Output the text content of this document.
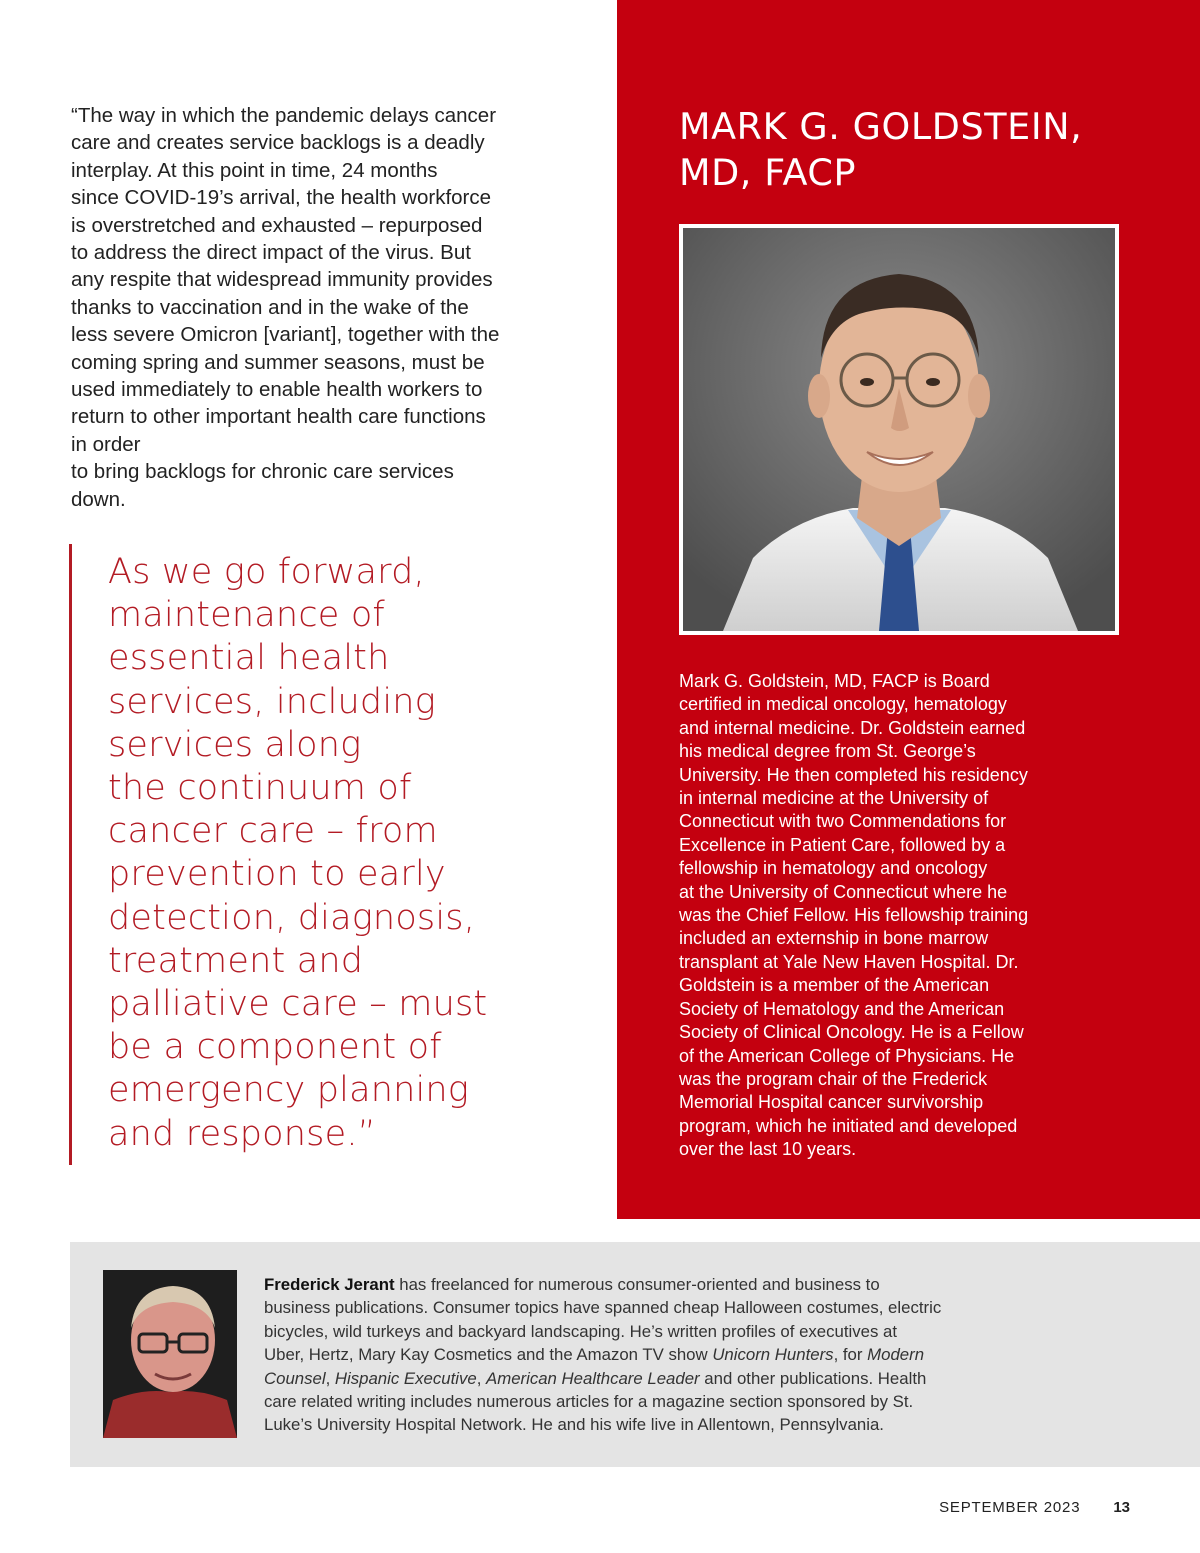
“The way in which the pandemic delays cancer
care and creates service backlogs is a deadly
interplay. At this point in time, 24 months
since COVID-19’s arrival, the health workforce
is overstretched and exhausted – repurposed
to address the direct impact of the virus. But
any respite that widespread immunity provides
thanks to vaccination and in the wake of the
less severe Omicron [variant], together with the
coming spring and summer seasons, must be
used immediately to enable health workers to
return to other important health care functions
in order
to bring backlogs for chronic care services
down.

As we go forward,
maintenance of
essential health
services, including
services along
the continuum of
cancer care – from
prevention to early
detection, diagnosis,
treatment and
palliative care – must
be a component of
emergency planning
and response.”

MARK G. GOLDSTEIN,
MD, FACP

Mark G. Goldstein, MD, FACP is Board
certified in medical oncology, hematology
and internal medicine. Dr. Goldstein earned
his medical degree from St. George’s
University. He then completed his residency
in internal medicine at the University of
Connecticut with two Commendations for
Excellence in Patient Care, followed by a
fellowship in hematology and oncology
at the University of Connecticut where he
was the Chief Fellow. His fellowship training
included an externship in bone marrow
transplant at Yale New Haven Hospital. Dr.
Goldstein is a member of the American
Society of Hematology and the American
Society of Clinical Oncology. He is a Fellow
of the American College of Physicians. He
was the program chair of the Frederick
Memorial Hospital cancer survivorship
program, which he initiated and developed
over the last 10 years.

Frederick Jerant has freelanced for numerous consumer-oriented and business to
business publications. Consumer topics have spanned cheap Halloween costumes, electric
bicycles, wild turkeys and backyard landscaping. He’s written profiles of executives at
Uber, Hertz, Mary Kay Cosmetics and the Amazon TV show Unicorn Hunters, for Modern
Counsel, Hispanic Executive, American Healthcare Leader and other publications. Health
care related writing includes numerous articles for a magazine section sponsored by St.
Luke’s University Hospital Network. He and his wife live in Allentown, Pennsylvania.

SEPTEMBER 2023 13
